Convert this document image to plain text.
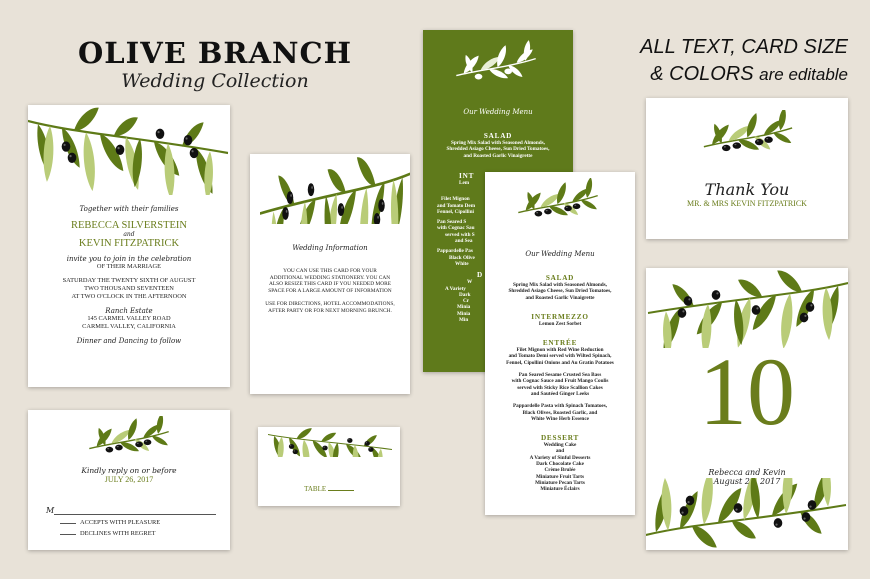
OLIVE BRANCH
Wedding Collection
ALL TEXT, CARD SIZE
& COLORS are editable
Together with their families
REBECCA SILVERSTEIN
and
KEVIN FITZPATRICK
invite you to join in the celebration
OF THEIR MARRIAGE
SATURDAY THE TWENTY SIXTH OF AUGUST
TWO THOUSAND SEVENTEEN
AT TWO O'CLOCK IN THE AFTERNOON
Ranch Estate
145 CARMEL VALLEY ROAD
CARMEL VALLEY, CALIFORNIA
Dinner and Dancing to follow
Wedding Information
YOU CAN USE THIS CARD FOR YOUR
ADDITIONAL WEDDING STATIONERY. YOU CAN
ALSO RESIZE THIS CARD IF YOU NEEDED MORE
SPACE FOR A LARGE AMOUNT OF INFORMATION
USE FOR DIRECTIONS, HOTEL ACCOMMODATIONS,
AFTER PARTY OR FOR NEXT MORNING BRUNCH.
Our Wedding Menu
SALAD
Spring Mix Salad with Seasoned Almonds,
Shredded Asiago Cheese, Sun Dried Tomatoes,
and Roasted Garlic Vinaigrette
INT
Lem
Filet Mignon
and Tomato Dem
Fennel, Cipollini
Pan Seared S
with Cognac Sau
served with S
and Sea
Pappardelle Pas
Black Olive
White
D
W
A Variety
Dark
Cr
Minia
Minia
Min
Our Wedding Menu
SALAD
Spring Mix Salad with Seasoned Almonds,
Shredded Asiago Cheese, Sun Dried Tomatoes,
and Roasted Garlic Vinaigrette
INTERMEZZO
Lemon Zest Sorbet
ENTRÉE
Filet Mignon with Red Wine Reduction
and Tomato Demi served with Wilted Spinach,
Fennel, Cipollini Onions and Au Gratin Potatoes
Pan Seared Sesame Crusted Sea Bass
with Cognac Sauce and Fruit Mango Coulis
served with Sticky Rice Scallion Cakes
and Sautéed Ginger Leeks
Pappardelle Pasta with Spinach Tomatoes,
Black Olives, Roasted Garlic, and
White Wine Herb Essence
DESSERT
Wedding Cake
and
A Variety of Sinful Desserts
Dark Chocolate Cake
Crème Brulée
Miniature Fruit Tarts
Miniature Pecan Tarts
Miniature Éclairs
Thank You
MR. & MRS KEVIN FITZPATRICK
Kindly reply on or before
JULY 26, 2017
M
ACCEPTS WITH PLEASURE
DECLINES WITH REGRET
TABLE
10
Rebecca and Kevin
August 26, 2017
